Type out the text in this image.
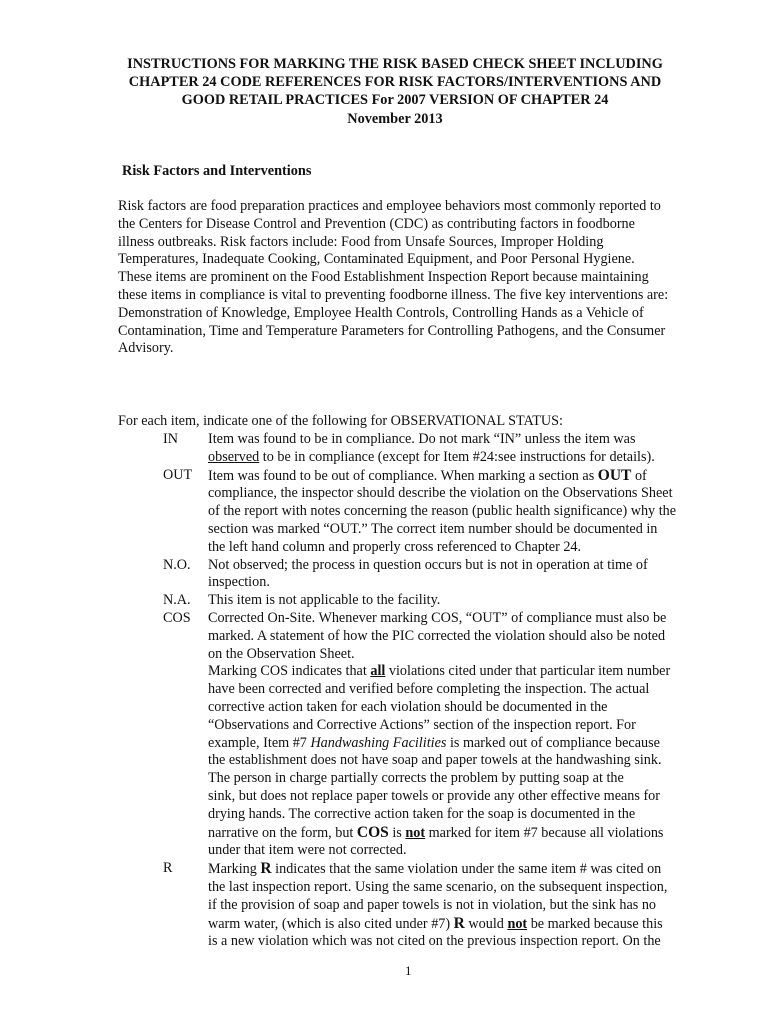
INSTRUCTIONS FOR MARKING THE RISK BASED CHECK SHEET INCLUDING
CHAPTER 24 CODE REFERENCES FOR RISK FACTORS/INTERVENTIONS AND
GOOD RETAIL PRACTICES For 2007 VERSION OF CHAPTER 24
November 2013
Risk Factors and Interventions
Risk factors are food preparation practices and employee behaviors most commonly reported to
the Centers for Disease Control and Prevention (CDC) as contributing factors in foodborne
illness outbreaks. Risk factors include: Food from Unsafe Sources, Improper Holding
Temperatures, Inadequate Cooking, Contaminated Equipment, and Poor Personal Hygiene.
These items are prominent on the Food Establishment Inspection Report because maintaining
these items in compliance is vital to preventing foodborne illness. The five key interventions are:
Demonstration of Knowledge, Employee Health Controls, Controlling Hands as a Vehicle of
Contamination, Time and Temperature Parameters for Controlling Pathogens, and the Consumer
Advisory.
For each item, indicate one of the following for OBSERVATIONAL STATUS:
IN Item was found to be in compliance. Do not mark “IN” unless the item was
observed to be in compliance (except for Item #24:see instructions for details).
OUT Item was found to be out of compliance. When marking a section as OUT of
compliance, the inspector should describe the violation on the Observations Sheet
of the report with notes concerning the reason (public health significance) why the
section was marked “OUT.” The correct item number should be documented in
the left hand column and properly cross referenced to Chapter 24.
N.O. Not observed; the process in question occurs but is not in operation at time of
inspection.
N.A. This item is not applicable to the facility.
COS Corrected On-Site. Whenever marking COS, “OUT” of compliance must also be
marked. A statement of how the PIC corrected the violation should also be noted
on the Observation Sheet.
Marking COS indicates that all violations cited under that particular item number
have been corrected and verified before completing the inspection. The actual
corrective action taken for each violation should be documented in the
“Observations and Corrective Actions” section of the inspection report. For
example, Item #7 Handwashing Facilities is marked out of compliance because
the establishment does not have soap and paper towels at the handwashing sink.
The person in charge partially corrects the problem by putting soap at the
sink, but does not replace paper towels or provide any other effective means for
drying hands. The corrective action taken for the soap is documented in the
narrative on the form, but COS is not marked for item #7 because all violations
under that item were not corrected.
R	Marking R indicates that the same violation under the same item # was cited on
the last inspection report. Using the same scenario, on the subsequent inspection,
if the provision of soap and paper towels is not in violation, but the sink has no
warm water, (which is also cited under #7) R would not be marked because this
is a new violation which was not cited on the previous inspection report. On the
1
